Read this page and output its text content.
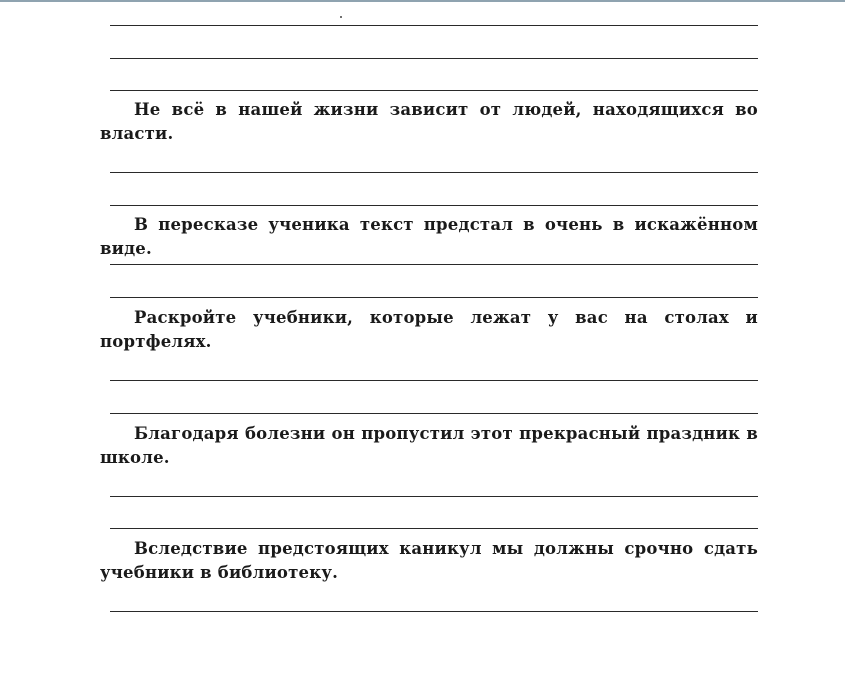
Не всё в нашей жизни зависит от людей, находящихся во власти.

В пересказе ученика текст предстал в очень в искажённом виде.

Раскройте учебники, которые лежат у вас на столах и портфелях.

Благодаря болезни он пропустил этот прекрасный праздник в школе.

Вследствие предстоящих каникул мы должны срочно сдать учебники в библиотеку.
